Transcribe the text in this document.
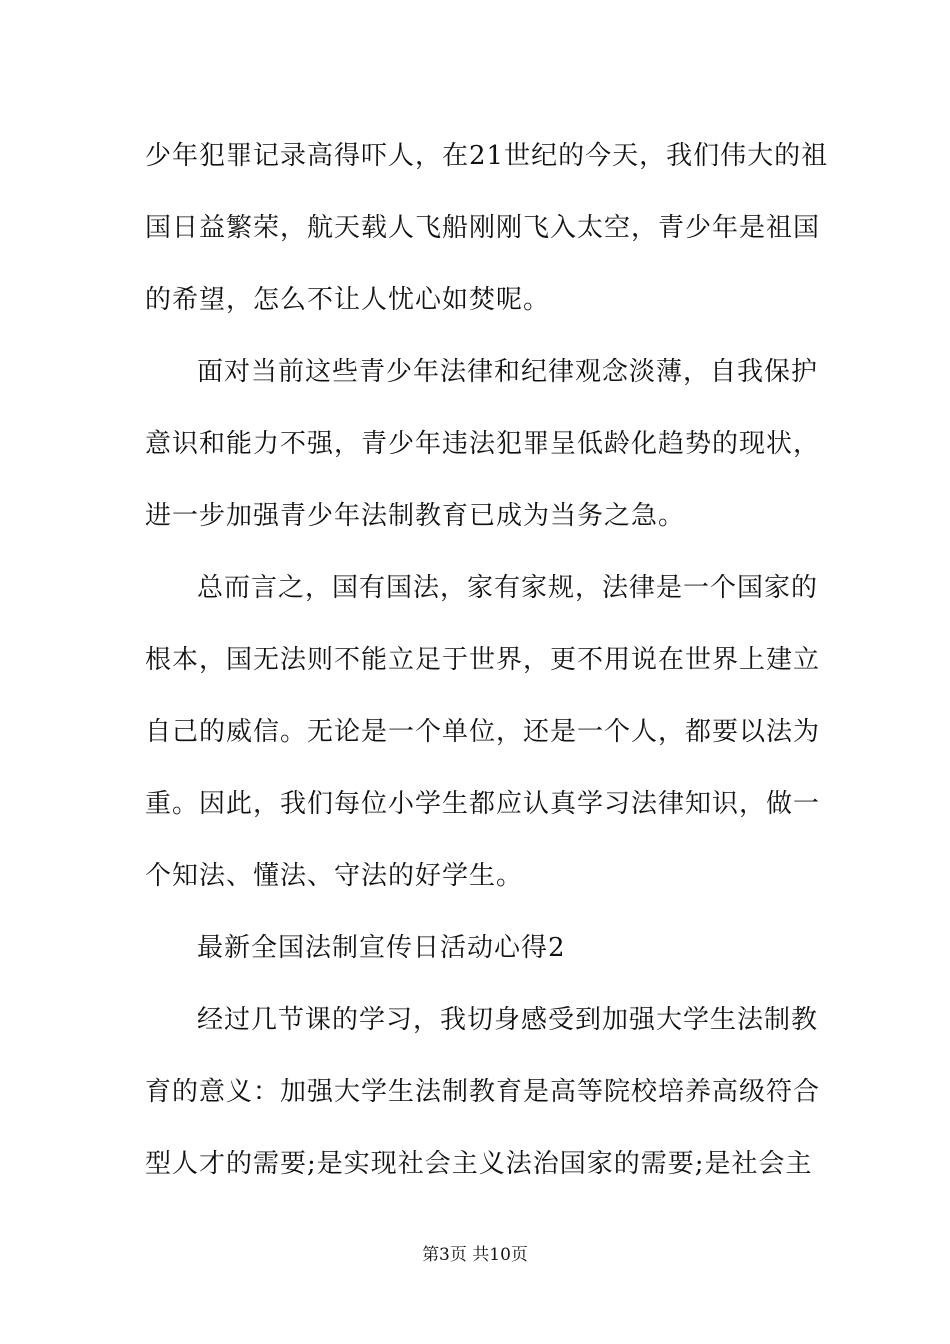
少年犯罪记录高得吓人，在21世纪的今天，我们伟大的祖
国日益繁荣，航天载人飞船刚刚飞入太空，青少年是祖国
的希望，怎么不让人忧心如焚呢。
面对当前这些青少年法律和纪律观念淡薄，自我保护
意识和能力不强，青少年违法犯罪呈低龄化趋势的现状，
进一步加强青少年法制教育已成为当务之急。
总而言之，国有国法，家有家规，法律是一个国家的
根本，国无法则不能立足于世界，更不用说在世界上建立
自己的威信。无论是一个单位，还是一个人，都要以法为
重。因此，我们每位小学生都应认真学习法律知识，做一
个知法、懂法、守法的好学生。
最新全国法制宣传日活动心得2
经过几节课的学习，我切身感受到加强大学生法制教
育的意义：加强大学生法制教育是高等院校培养高级符合
型人才的需要;是实现社会主义法治国家的需要;是社会主
第3页 共10页
